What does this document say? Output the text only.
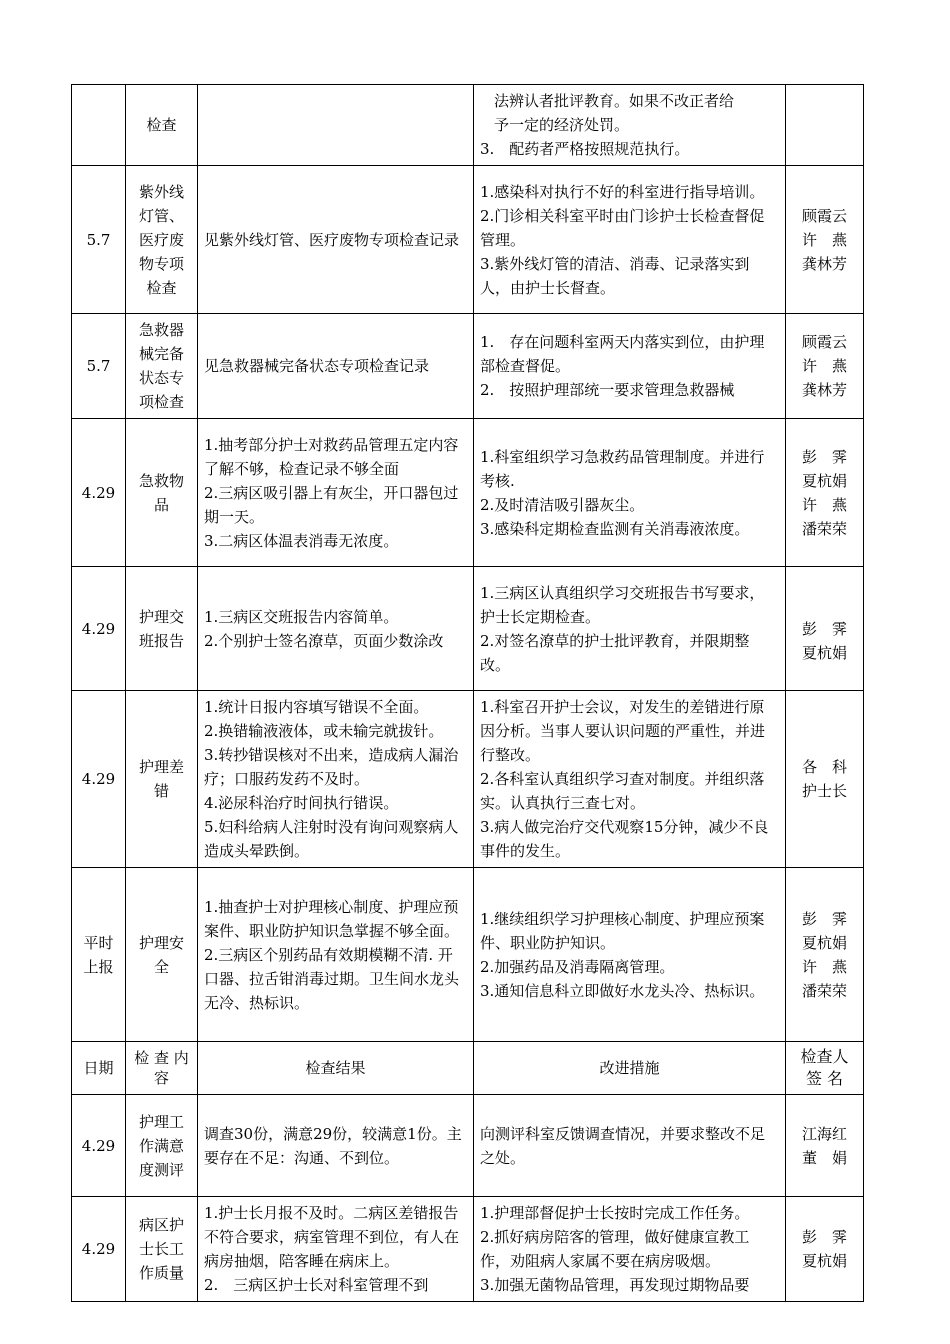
	检查		法辨认者批评教育。如果不改正者给
予一定的经济处罚。
3.　配药者严格按照规范执行。	

5.7	紫外线灯管、医疗废物专项检查	见紫外线灯管、医疗废物专项检查记录	1.感染科对执行不好的科室进行指导培训。
2.门诊相关科室平时由门诊护士长检查督促管理。
3.紫外线灯管的清洁、消毒、记录落实到人，由护士长督查。	顾霞云
许　燕
龚林芳

5.7	急救器械完备状态专项检查	见急救器械完备状态专项检查记录	1.　存在问题科室两天内落实到位，由护理部检查督促。
2.　按照护理部统一要求管理急救器械	顾霞云
许　燕
龚林芳

4.29	急救物品	1.抽考部分护士对救药品管理五定内容了解不够，检查记录不够全面
2.三病区吸引器上有灰尘，开口器包过期一天。
3.二病区体温表消毒无浓度。	1.科室组织学习急救药品管理制度。并进行考核.
2.及时清洁吸引器灰尘。
3.感染科定期检查监测有关消毒液浓度。	彭　霁
夏杭娟
许　燕
潘荣荣

4.29	护理交班报告	1.三病区交班报告内容简单。
2.个别护士签名潦草，页面少数涂改	1.三病区认真组织学习交班报告书写要求，护士长定期检查。
2.对签名潦草的护士批评教育，并限期整改。	彭　霁
夏杭娟

4.29	护理差错	1.统计日报内容填写错误不全面。
2.换错输液液体，或未输完就拔针。
3.转抄错误核对不出来，造成病人漏治疗；口服药发药不及时。
4.泌尿科治疗时间执行错误。
5.妇科给病人注射时没有询问观察病人造成头晕跌倒。	1.科室召开护士会议，对发生的差错进行原因分析。当事人要认识问题的严重性，并进行整改。
2.各科室认真组织学习查对制度。并组织落实。认真执行三查七对。
3.病人做完治疗交代观察15分钟，减少不良事件的发生。	各　科
护士长

平时上报	护理安全	1.抽查护士对护理核心制度、护理应预案件、职业防护知识急掌握不够全面。
2.三病区个别药品有效期模糊不清. 开口器、拉舌钳消毒过期。卫生间水龙头无冷、热标识。	1.继续组织学习护理核心制度、护理应预案件、职业防护知识。
2.加强药品及消毒隔离管理。
3.通知信息科立即做好水龙头冷、热标识。	彭　霁
夏杭娟
许　燕
潘荣荣

日期	检 查 内 容	检查结果	改进措施	检查人 签 名
4.29	护理工作满意度测评	调查30份，满意29份，较满意1份。主要存在不足：沟通、不到位。	向测评科室反馈调查情况，并要求整改不足之处。	江海红
董　娟

4.29	病区护士长工作质量	1.护士长月报不及时。二病区差错报告不符合要求，病室管理不到位，有人在病房抽烟，陪客睡在病床上。
2.　三病区护士长对科室管理不到	1.护理部督促护士长按时完成工作任务。
2.抓好病房陪客的管理，做好健康宣教工作，劝阻病人家属不要在病房吸烟。
3.加强无菌物品管理，再发现过期物品要	彭　霁
夏杭娟
